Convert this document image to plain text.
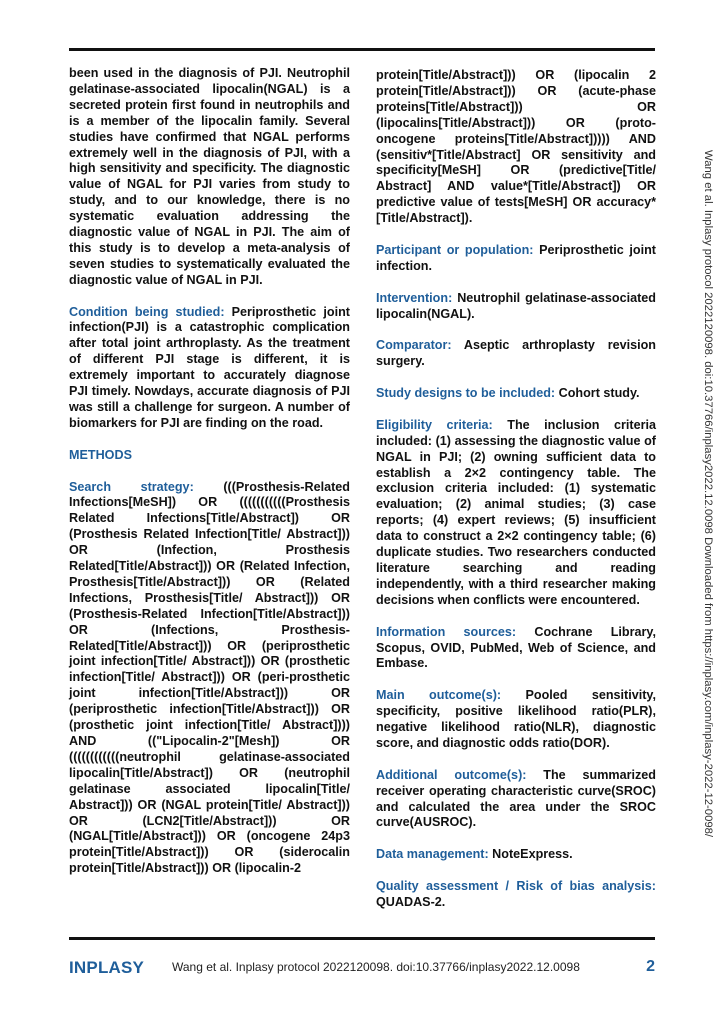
been used in the diagnosis of PJI. Neutrophil gelatinase-associated lipocalin(NGAL) is a secreted protein first found in neutrophils and is a member of the lipocalin family. Several studies have confirmed that NGAL performs extremely well in the diagnosis of PJI, with a high sensitivity and specificity. The diagnostic value of NGAL for PJI varies from study to study, and to our knowledge, there is no systematic evaluation addressing the diagnostic value of NGAL in PJI. The aim of this study is to develop a meta-analysis of seven studies to systematically evaluated the diagnostic value of NGAL in PJI.

Condition being studied: Periprosthetic joint infection(PJI) is a catastrophic complication after total joint arthroplasty. As the treatment of different PJI stage is different, it is extremely important to accurately diagnose PJI timely. Nowdays, accurate diagnosis of PJI was still a challenge for surgeon. A number of biomarkers for PJI are finding on the road.

METHODS

Search strategy: (((Prosthesis-Related Infections[MeSH]) OR (((((((((((Prosthesis Related Infections[Title/Abstract]) OR (Prosthesis Related Infection[Title/ Abstract])) OR (Infection, Prosthesis Related[Title/Abstract])) OR (Related Infection, Prosthesis[Title/Abstract])) OR (Related Infections, Prosthesis[Title/ Abstract])) OR (Prosthesis-Related Infection[Title/Abstract])) OR (Infections, Prosthesis-Related[Title/Abstract])) OR (periprosthetic joint infection[Title/ Abstract])) OR (prosthetic infection[Title/ Abstract])) OR (peri-prosthetic joint infection[Title/Abstract])) OR (periprosthetic infection[Title/Abstract])) OR (prosthetic joint infection[Title/ Abstract]))) AND (("Lipocalin-2"[Mesh]) OR ((((((((((((neutrophil gelatinase-associated lipocalin[Title/Abstract]) OR (neutrophil gelatinase associated lipocalin[Title/ Abstract])) OR (NGAL protein[Title/ Abstract])) OR (LCN2[Title/Abstract])) OR (NGAL[Title/Abstract])) OR (oncogene 24p3 protein[Title/Abstract])) OR (siderocalin protein[Title/Abstract])) OR (lipocalin-2

protein[Title/Abstract])) OR (lipocalin 2 protein[Title/Abstract])) OR (acute-phase proteins[Title/Abstract])) OR (lipocalins[Title/Abstract])) OR (proto-oncogene proteins[Title/Abstract])))) AND (sensitiv*[Title/Abstract] OR sensitivity and specificity[MeSH] OR (predictive[Title/ Abstract] AND value*[Title/Abstract]) OR predictive value of tests[MeSH] OR accuracy*[Title/Abstract]).

Participant or population: Periprosthetic joint infection.

Intervention: Neutrophil gelatinase-associated lipocalin(NGAL).

Comparator: Aseptic arthroplasty revision surgery.

Study designs to be included: Cohort study.

Eligibility criteria: The inclusion criteria included: (1) assessing the diagnostic value of NGAL in PJI; (2) owning sufficient data to establish a 2×2 contingency table. The exclusion criteria included: (1) systematic evaluation; (2) animal studies; (3) case reports; (4) expert reviews; (5) insufficient data to construct a 2×2 contingency table; (6) duplicate studies. Two researchers conducted literature searching and reading independently, with a third researcher making decisions when conflicts were encountered.

Information sources: Cochrane Library, Scopus, OVID, PubMed, Web of Science, and Embase.

Main outcome(s): Pooled sensitivity, specificity, positive likelihood ratio(PLR), negative likelihood ratio(NLR), diagnostic score, and diagnostic odds ratio(DOR).

Additional outcome(s): The summarized receiver operating characteristic curve(SROC) and calculated the area under the SROC curve(AUSROC).

Data management: NoteExpress.

Quality assessment / Risk of bias analysis: QUADAS-2.

INPLASY Wang et al. Inplasy protocol 2022120098. doi:10.37766/inplasy2022.12.0098	2
Wang et al. Inplasy protocol 2022120098. doi:10.37766/inplasy2022.12.0098 Downloaded from https://inplasy.com/inplasy-2022-12-0098/
